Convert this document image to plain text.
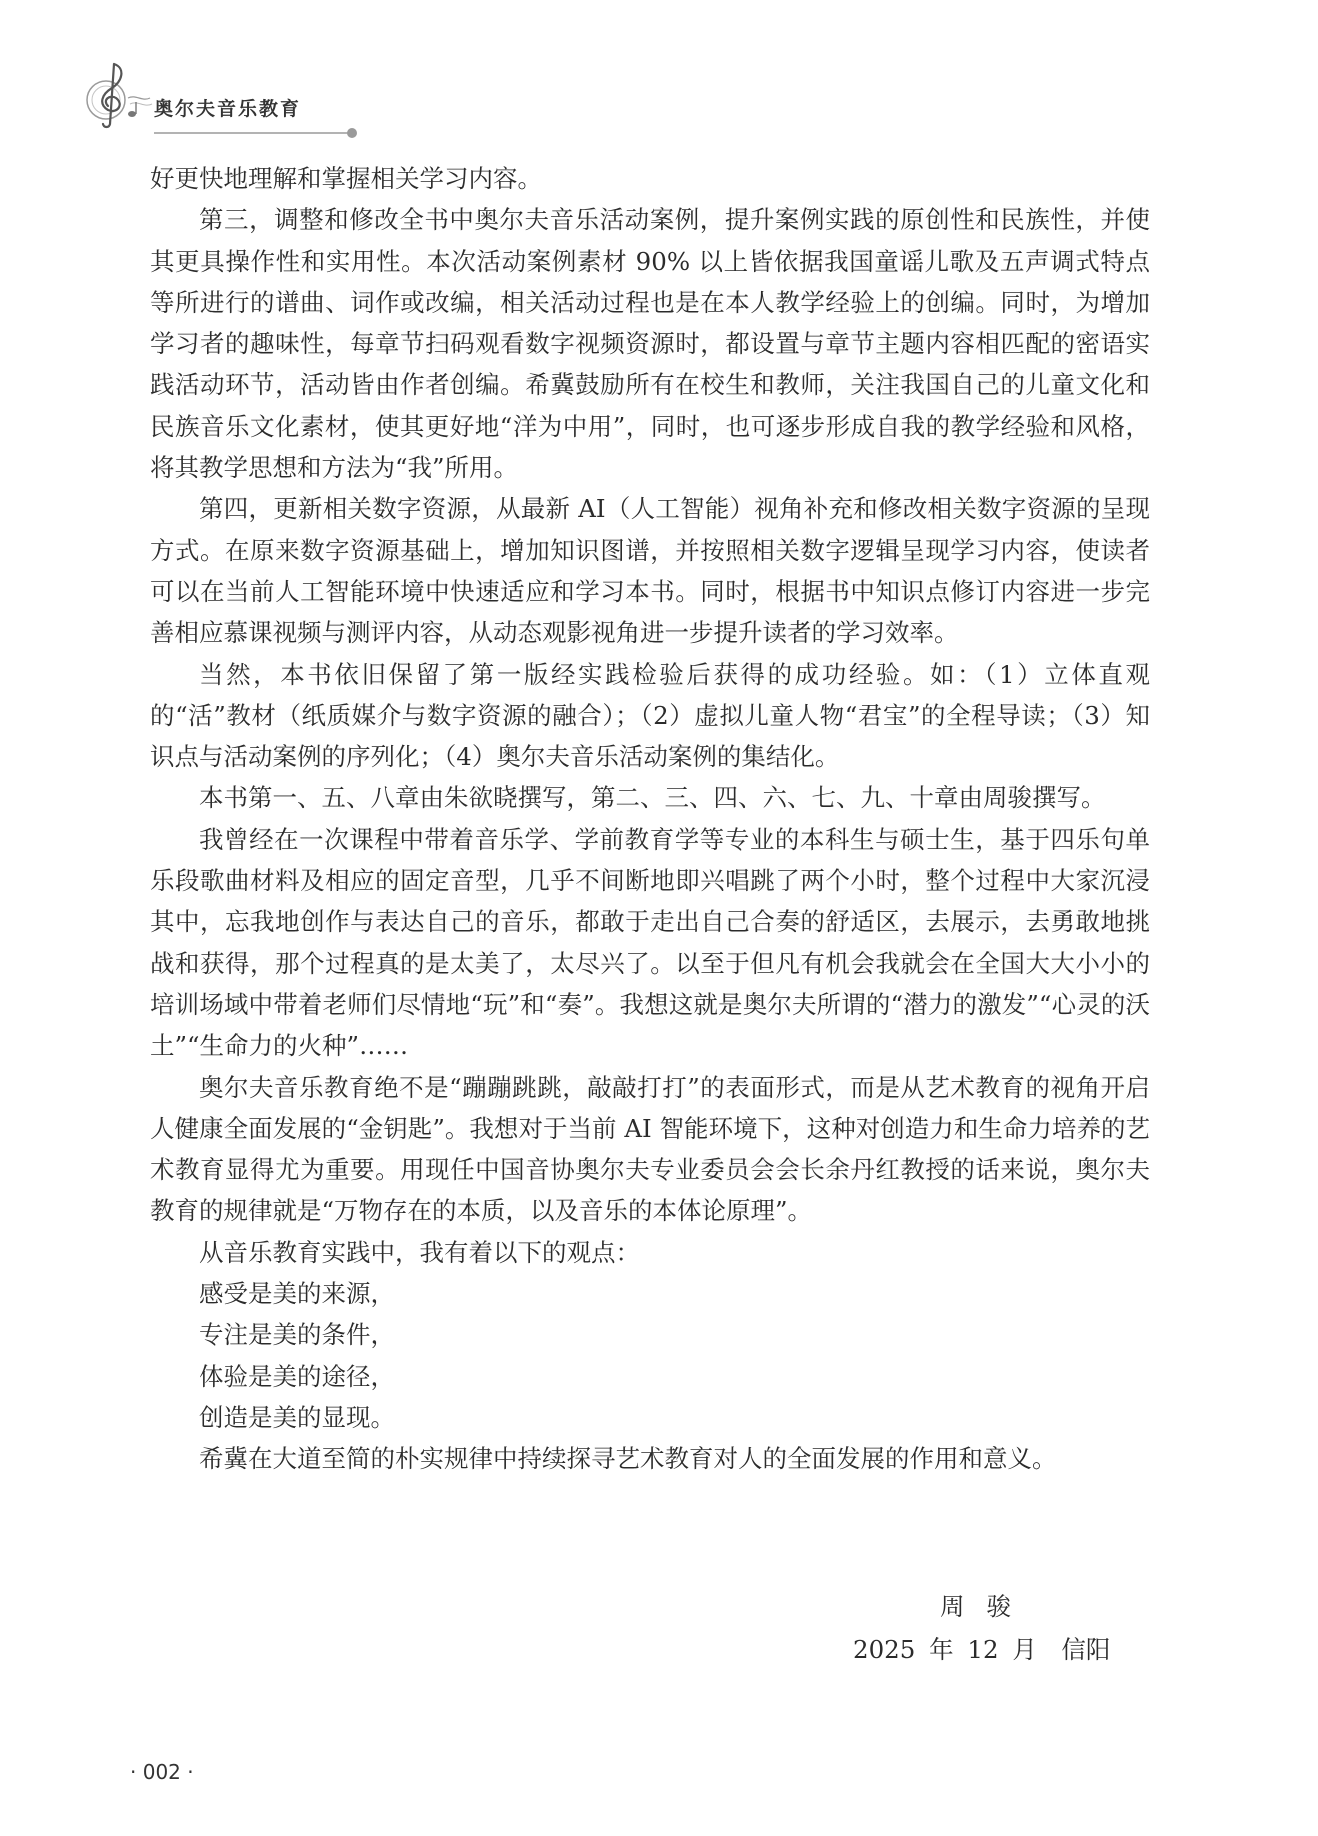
奥尔夫音乐教育

好更快地理解和掌握相关学习内容。

第三，调整和修改全书中奥尔夫音乐活动案例，提升案例实践的原创性和民族性，并使其更具操作性和实用性。本次活动案例素材 90% 以上皆依据我国童谣儿歌及五声调式特点等所进行的谱曲、词作或改编，相关活动过程也是在本人教学经验上的创编。同时，为增加学习者的趣味性，每章节扫码观看数字视频资源时，都设置与章节主题内容相匹配的密语实践活动环节，活动皆由作者创编。希冀鼓励所有在校生和教师，关注我国自己的儿童文化和民族音乐文化素材，使其更好地“洋为中用”，同时，也可逐步形成自我的教学经验和风格，将其教学思想和方法为“我”所用。

第四，更新相关数字资源，从最新 AI（人工智能）视角补充和修改相关数字资源的呈现方式。在原来数字资源基础上，增加知识图谱，并按照相关数字逻辑呈现学习内容，使读者可以在当前人工智能环境中快速适应和学习本书。同时，根据书中知识点修订内容进一步完善相应慕课视频与测评内容，从动态观影视角进一步提升读者的学习效率。

当然，本书依旧保留了第一版经实践检验后获得的成功经验。如：（1）立体直观的“活”教材（纸质媒介与数字资源的融合）；（2）虚拟儿童人物“君宝”的全程导读；（3）知识点与活动案例的序列化；（4）奥尔夫音乐活动案例的集结化。

本书第一、五、八章由朱欲晓撰写，第二、三、四、六、七、九、十章由周骏撰写。

我曾经在一次课程中带着音乐学、学前教育学等专业的本科生与硕士生，基于四乐句单乐段歌曲材料及相应的固定音型，几乎不间断地即兴唱跳了两个小时，整个过程中大家沉浸其中，忘我地创作与表达自己的音乐，都敢于走出自己合奏的舒适区，去展示，去勇敢地挑战和获得，那个过程真的是太美了，太尽兴了。以至于但凡有机会我就会在全国大大小小的培训场域中带着老师们尽情地“玩”和“奏”。我想这就是奥尔夫所谓的“潜力的激发”“心灵的沃土”“生命力的火种”……

奥尔夫音乐教育绝不是“蹦蹦跳跳，敲敲打打”的表面形式，而是从艺术教育的视角开启人健康全面发展的“金钥匙”。我想对于当前 AI 智能环境下，这种对创造力和生命力培养的艺术教育显得尤为重要。用现任中国音协奥尔夫专业委员会会长余丹红教授的话来说，奥尔夫教育的规律就是“万物存在的本质，以及音乐的本体论原理”。

从音乐教育实践中，我有着以下的观点：

感受是美的来源，

专注是美的条件，

体验是美的途径，

创造是美的显现。

希冀在大道至简的朴实规律中持续探寻艺术教育对人的全面发展的作用和意义。

周骏
2025 年 12 月　信阳
· 002 ·
